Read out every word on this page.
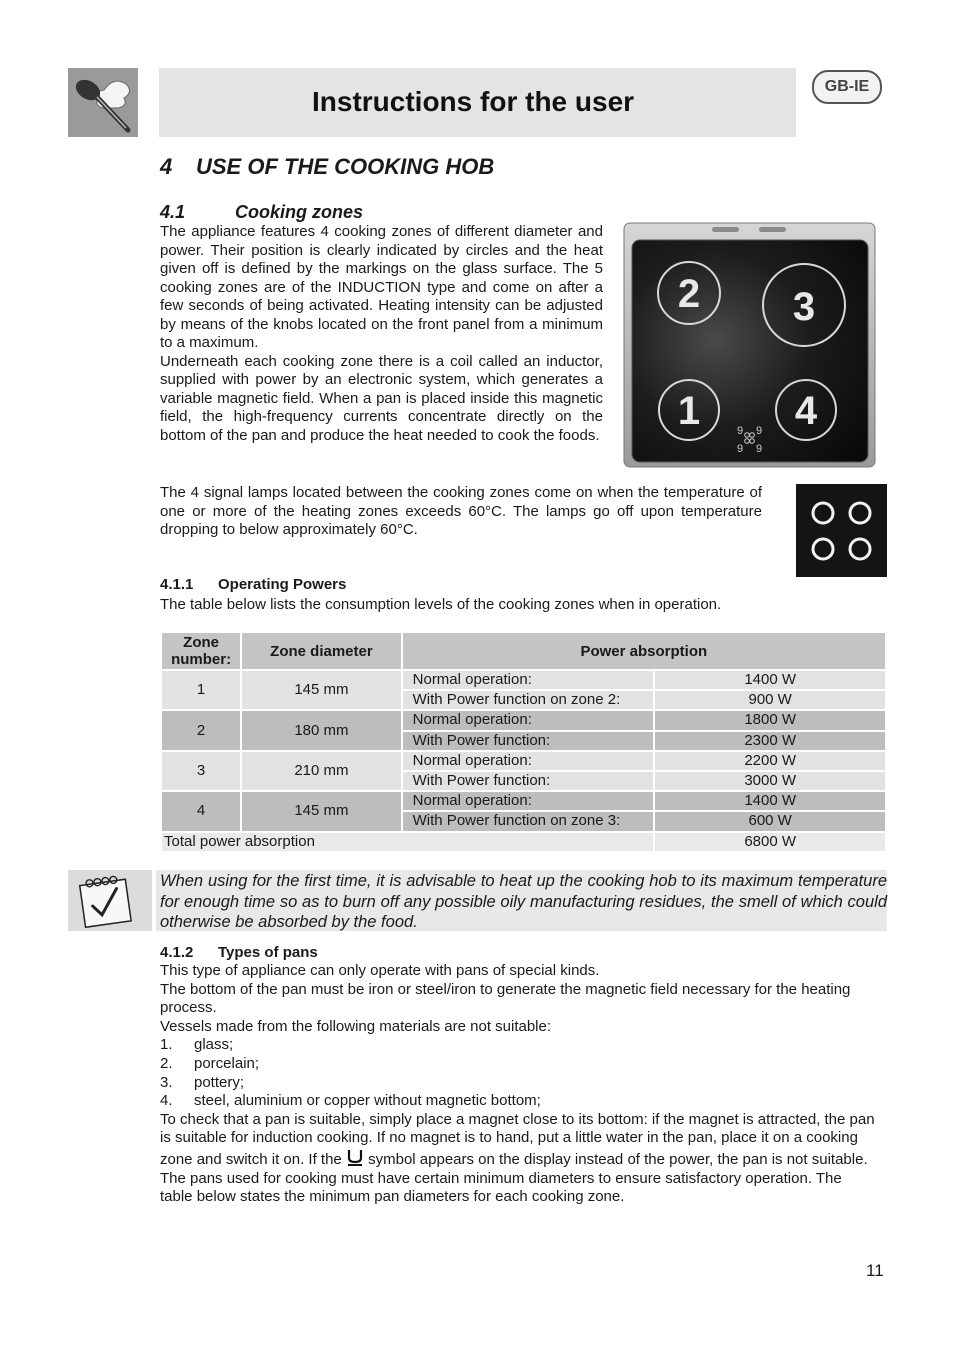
Instructions for the user	GB-IE
4 USE OF THE COOKING HOB
4.1	Cooking zones

The appliance features 4 cooking zones of different diameter and power. Their position is clearly indicated by circles and the heat given off is defined by the markings on the glass surface. The 5 cooking zones are of the INDUCTION type and come on after a few seconds of being activated. Heating intensity can be adjusted by means of the knobs located on the front panel from a minimum to a maximum.

Underneath each cooking zone there is a coil called an inductor, supplied with power by an electronic system, which generates a variable magnetic field. When a pan is placed inside this magnetic field, the high-frequency currents concentrate directly on the bottom of the pan and produce the heat needed to cook the foods.

2 3
1 4
9 9
9 9

The 4 signal lamps located between the cooking zones come on when the temperature of one or more of the heating zones exceeds 60°C. The lamps go off upon temperature dropping to below approximately 60°C.

4.1.1 Operating Powers
The table below lists the consumption levels of the cooking zones when in operation.
Zone number:	Zone diameter	Power absorption	
1	145 mm	Normal operation:	1400 W
		With Power function on zone 2:	900 W
2	180 mm	Normal operation:	1800 W
		With Power function:	2300 W
3	210 mm	Normal operation:	2200 W
		With Power function:	3000 W
4	145 mm	Normal operation:	1400 W
		With Power function on zone 3:	600 W
Total power absorption			6800 W
When using for the first time, it is advisable to heat up the cooking hob to its maximum temperature for enough time so as to burn off any possible oily manufacturing residues, the smell of which could otherwise be absorbed by the food.
4.1.2 Types of pans

This type of appliance can only operate with pans of special kinds.

The bottom of the pan must be iron or steel/iron to generate the magnetic field necessary for the heating process.

Vessels made from the following materials are not suitable:

1.	glass;
2.	porcelain;
3.	pottery;
4.	steel, aluminium or copper without magnetic bottom;

To check that a pan is suitable, simply place a magnet close to its bottom: if the magnet is attracted, the pan is suitable for induction cooking. If no magnet is to hand, put a little water in the pan, place it on a cooking zone and switch it on. If the symbol appears on the display instead of the power, the pan is not suitable.

The pans used for cooking must have certain minimum diameters to ensure satisfactory operation. The table below states the minimum pan diameters for each cooking zone.

11
